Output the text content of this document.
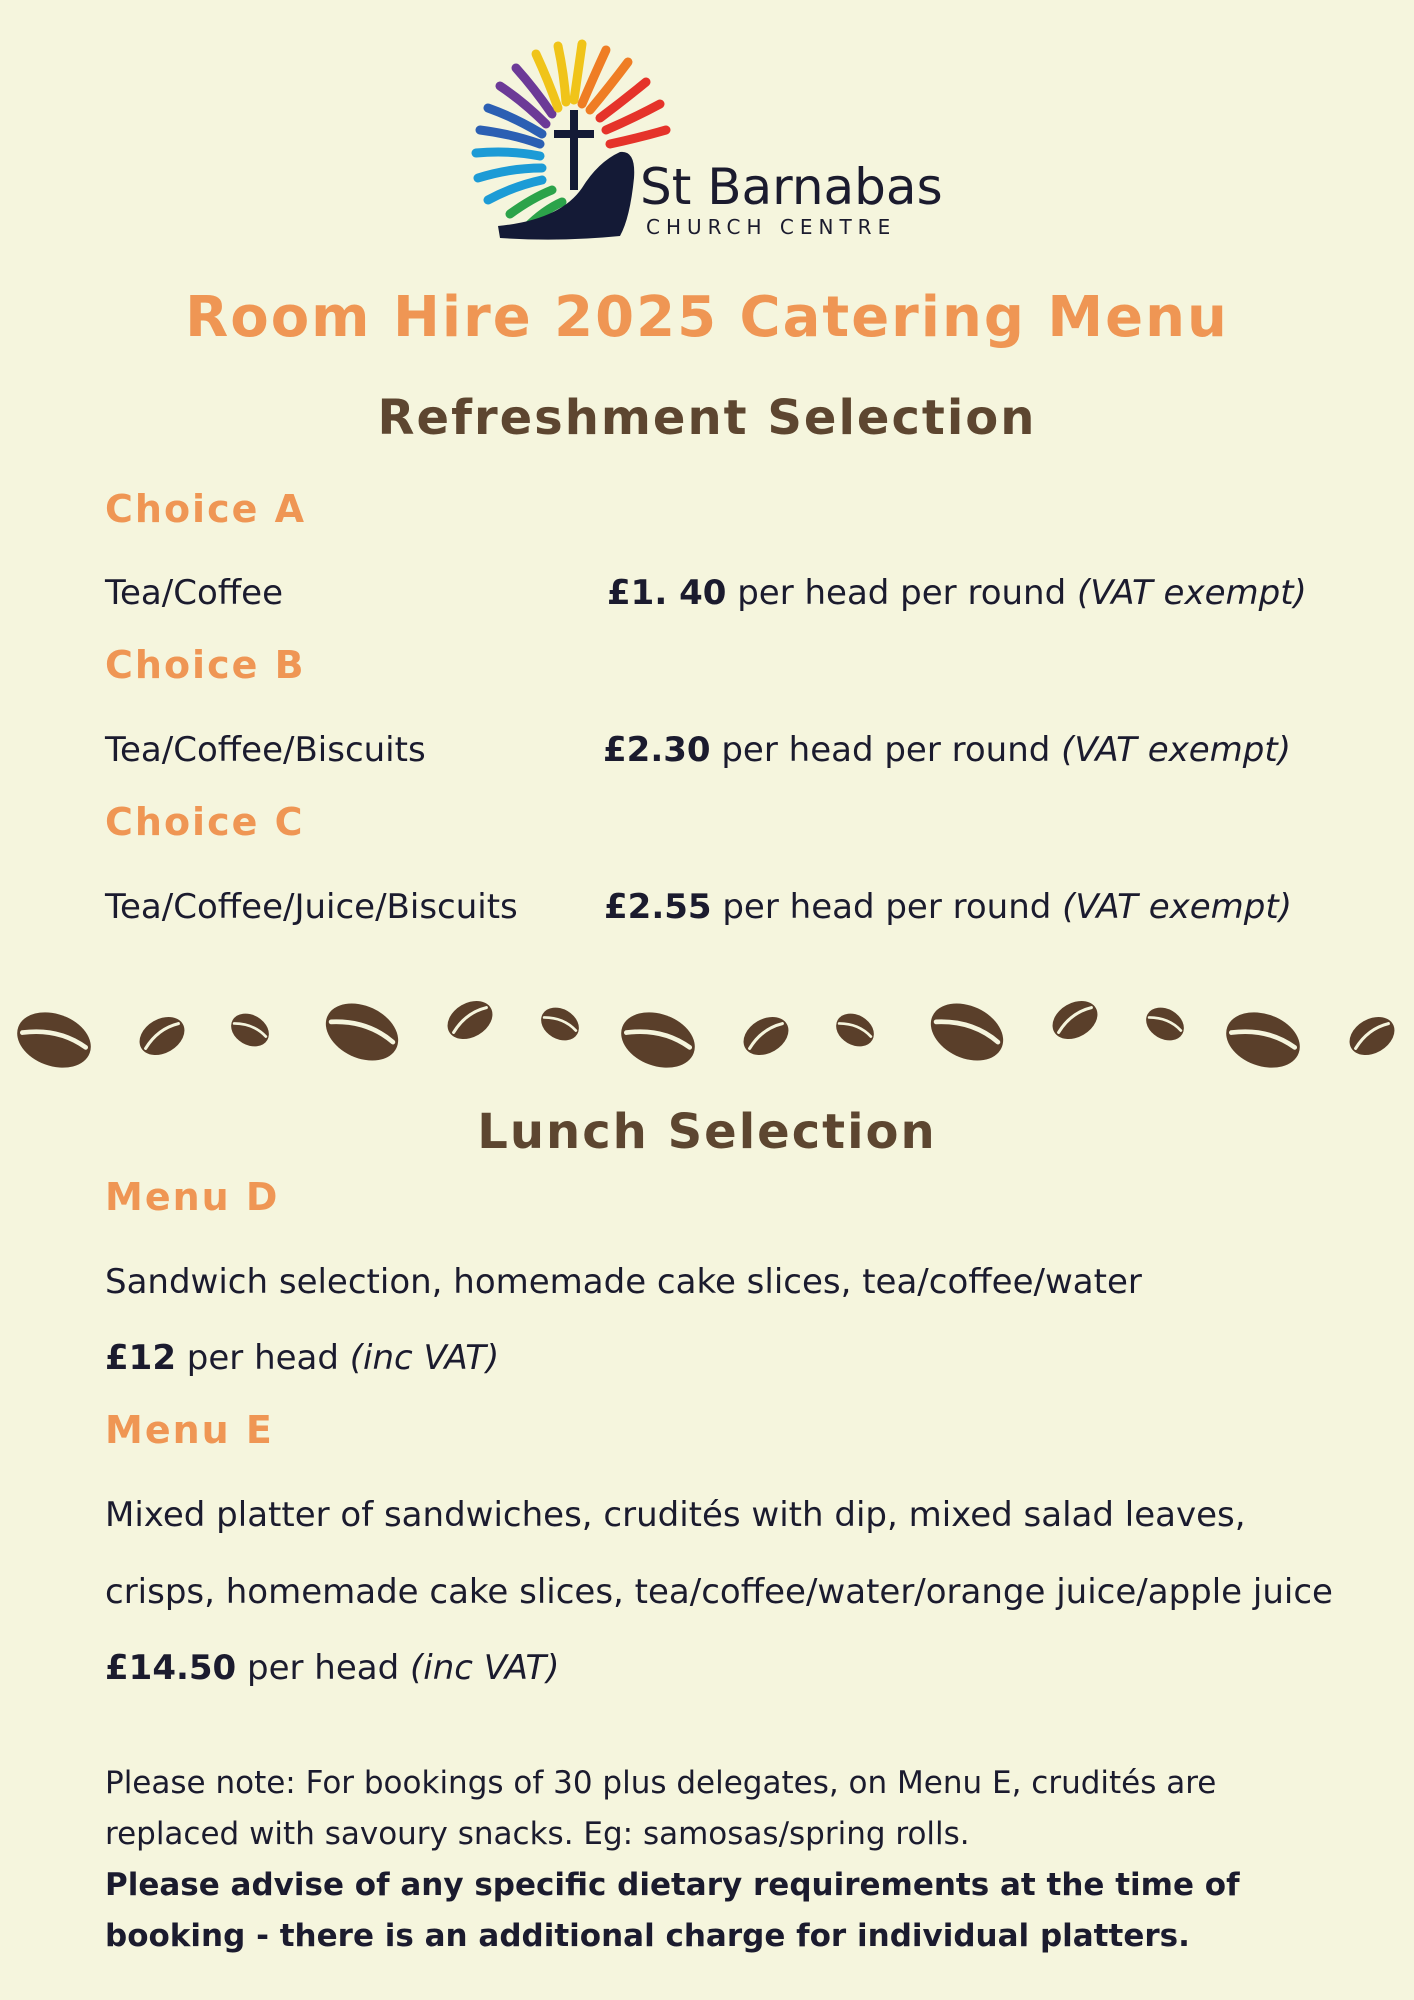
St Barnabas
CHURCH CENTRE
Room Hire 2025 Catering Menu
Refreshment Selection
Choice A
Tea/Coffee	£1. 40 per head per round (VAT exempt)
Choice B
Tea/Coffee/Biscuits	£2.30 per head per round (VAT exempt)
Choice C
Tea/Coffee/Juice/Biscuits	£2.55 per head per round (VAT exempt)
Lunch Selection
Menu D
Sandwich selection, homemade cake slices, tea/coffee/water
£12 per head (inc VAT)
Menu E
Mixed platter of sandwiches, crudités with dip, mixed salad leaves,
crisps, homemade cake slices, tea/coffee/water/orange juice/apple juice
£14.50 per head (inc VAT)
Please note: For bookings of 30 plus delegates, on Menu E, crudités are replaced with savoury snacks. Eg: samosas/spring rolls.
Please advise of any specific dietary requirements at the time of booking - there is an additional charge for individual platters.
